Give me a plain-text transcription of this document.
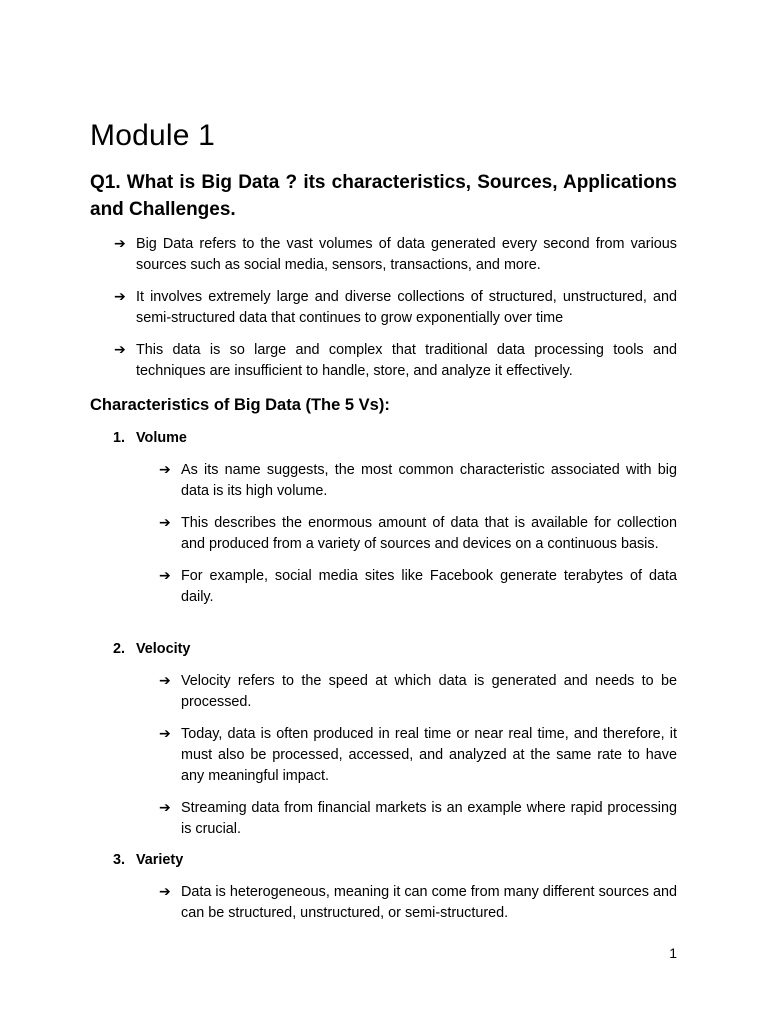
Module 1
Q1. What is Big Data ? its characteristics, Sources, Applications and Challenges.
➔ Big Data refers to the vast volumes of data generated every second from various sources such as social media, sensors, transactions, and more.
➔ It involves extremely large and diverse collections of structured, unstructured, and semi-structured data that continues to grow exponentially over time
➔ This data is so large and complex that traditional data processing tools and techniques are insufficient to handle, store, and analyze it effectively.
Characteristics of Big Data (The 5 Vs):
1. Volume
➔ As its name suggests, the most common characteristic associated with big data is its high volume.
➔ This describes the enormous amount of data that is available for collection and produced from a variety of sources and devices on a continuous basis.
➔ For example, social media sites like Facebook generate terabytes of data daily.
2. Velocity
➔ Velocity refers to the speed at which data is generated and needs to be processed.
➔ Today, data is often produced in real time or near real time, and therefore, it must also be processed, accessed, and analyzed at the same rate to have any meaningful impact.
➔ Streaming data from financial markets is an example where rapid processing is crucial.
3. Variety
➔ Data is heterogeneous, meaning it can come from many different sources and can be structured, unstructured, or semi-structured.
1
